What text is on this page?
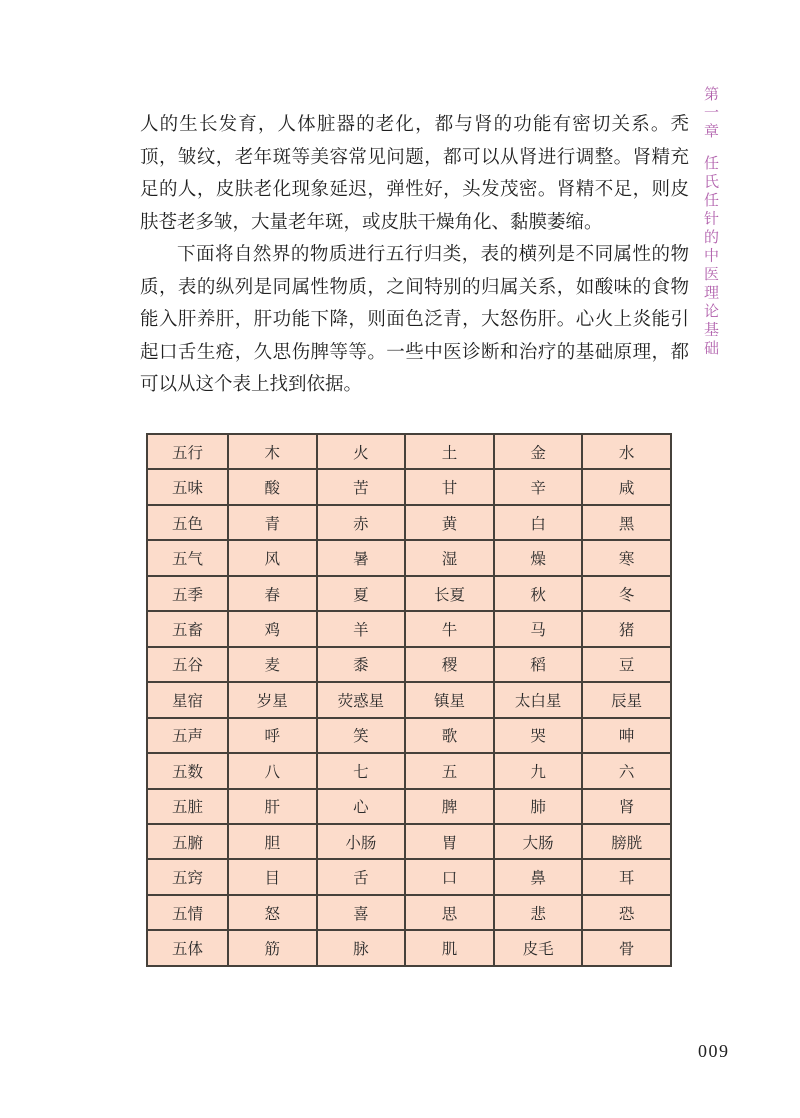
人的生长发育，人体脏器的老化，都与肾的功能有密切关系。秃顶，皱纹，老年斑等美容常见问题，都可以从肾进行调整。肾精充足的人，皮肤老化现象延迟，弹性好，头发茂密。肾精不足，则皮肤苍老多皱，大量老年斑，或皮肤干燥角化、黏膜萎缩。

下面将自然界的物质进行五行归类，表的横列是不同属性的物质，表的纵列是同属性物质，之间特别的归属关系，如酸味的食物能入肝养肝，肝功能下降，则面色泛青，大怒伤肝。心火上炎能引起口舌生疮，久思伤脾等等。一些中医诊断和治疗的基础原理，都可以从这个表上找到依据。

五行	木	火	土	金	水
五味	酸	苦	甘	辛	咸
五色	青	赤	黄	白	黑
五气	风	暑	湿	燥	寒
五季	春	夏	长夏	秋	冬
五畜	鸡	羊	牛	马	猪
五谷	麦	黍	稷	稻	豆
星宿	岁星	荧惑星	镇星	太白星	辰星
五声	呼	笑	歌	哭	呻
五数	八	七	五	九	六
五脏	肝	心	脾	肺	肾
五腑	胆	小肠	胃	大肠	膀胱
五窍	目	舌	口	鼻	耳
五情	怒	喜	思	悲	恐
五体	筋	脉	肌	皮毛	骨
第一章任氏任针的中医理论基础
009
